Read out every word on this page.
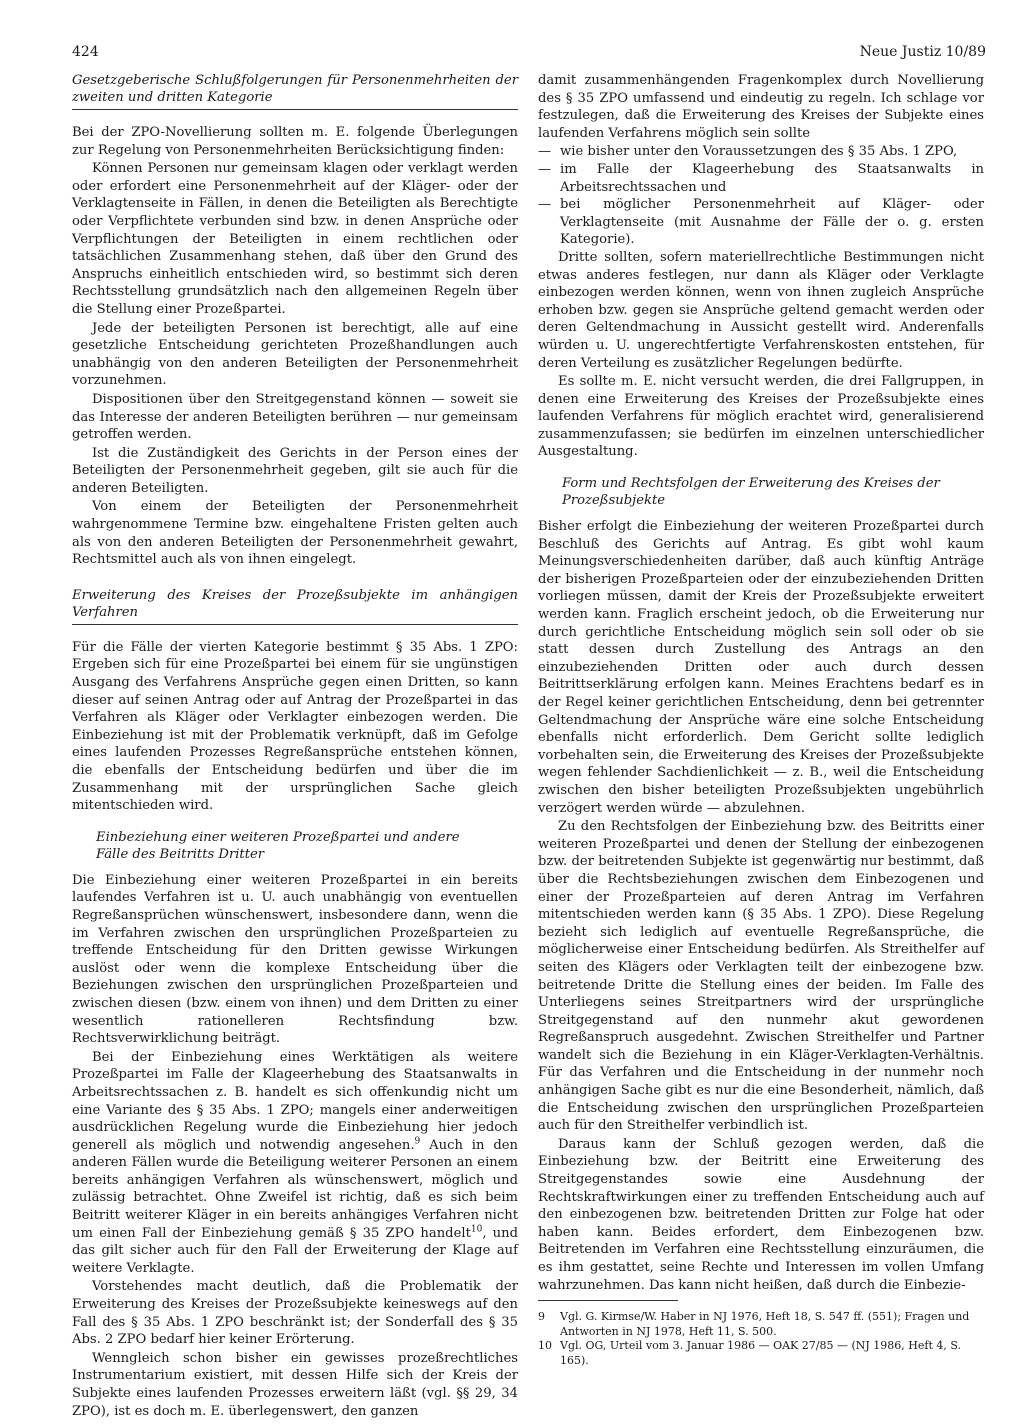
424	Neue Justiz 10/89
Gesetzgeberische Schlußfolgerungen für Personenmehrheiten der zweiten und dritten Kategorie

Bei der ZPO-Novellierung sollten m. E. folgende Überlegungen zur Regelung von Personenmehrheiten Berücksichtigung finden:

Können Personen nur gemeinsam klagen oder verklagt werden oder erfordert eine Personenmehrheit auf der Kläger- oder der Verklagtenseite in Fällen, in denen die Beteiligten als Berechtigte oder Verpflichtete verbunden sind bzw. in denen Ansprüche oder Verpflichtungen der Beteiligten in einem rechtlichen oder tatsächlichen Zusammenhang stehen, daß über den Grund des Anspruchs einheitlich entschieden wird, so bestimmt sich deren Rechtsstellung grundsätzlich nach den allgemeinen Regeln über die Stellung einer Prozeßpartei.

Jede der beteiligten Personen ist berechtigt, alle auf eine gesetzliche Entscheidung gerichteten Prozeßhandlungen auch unabhängig von den anderen Beteiligten der Personenmehrheit vorzunehmen.

Dispositionen über den Streitgegenstand können — soweit sie das Interesse der anderen Beteiligten berühren — nur gemeinsam getroffen werden.

Ist die Zuständigkeit des Gerichts in der Person eines der Beteiligten der Personenmehrheit gegeben, gilt sie auch für die anderen Beteiligten.

Von einem der Beteiligten der Personenmehrheit wahrgenommene Termine bzw. eingehaltene Fristen gelten auch als von den anderen Beteiligten der Personenmehrheit gewahrt, Rechtsmittel auch als von ihnen eingelegt.

Erweiterung des Kreises der Prozeßsubjekte im anhängigen Verfahren

Für die Fälle der vierten Kategorie bestimmt § 35 Abs. 1 ZPO: Ergeben sich für eine Prozeßpartei bei einem für sie ungünstigen Ausgang des Verfahrens Ansprüche gegen einen Dritten, so kann dieser auf seinen Antrag oder auf Antrag der Prozeßpartei in das Verfahren als Kläger oder Verklagter einbezogen werden. Die Einbeziehung ist mit der Problematik verknüpft, daß im Gefolge eines laufenden Prozesses Regreßansprüche entstehen können, die ebenfalls der Entscheidung bedürfen und über die im Zusammenhang mit der ursprünglichen Sache gleich mitentschieden wird.

Einbeziehung einer weiteren Prozeßpartei und andere Fälle des Beitritts Dritter

Die Einbeziehung einer weiteren Prozeßpartei in ein bereits laufendes Verfahren ist u. U. auch unabhängig von eventuellen Regreßansprüchen wünschenswert, insbesondere dann, wenn die im Verfahren zwischen den ursprünglichen Prozeßparteien zu treffende Entscheidung für den Dritten gewisse Wirkungen auslöst oder wenn die komplexe Entscheidung über die Beziehungen zwischen den ursprünglichen Prozeßparteien und zwischen diesen (bzw. einem von ihnen) und dem Dritten zu einer wesentlich rationelleren Rechtsfindung bzw. Rechtsverwirklichung beiträgt.

Bei der Einbeziehung eines Werktätigen als weitere Prozeßpartei im Falle der Klageerhebung des Staatsanwalts in Arbeitsrechtssachen z. B. handelt es sich offenkundig nicht um eine Variante des § 35 Abs. 1 ZPO; mangels einer anderweitigen ausdrücklichen Regelung wurde die Einbeziehung hier jedoch generell als möglich und notwendig angesehen.$^9$ Auch in den anderen Fällen wurde die Beteiligung weiterer Personen an einem bereits anhängigen Verfahren als wünschenswert, möglich und zulässig betrachtet. Ohne Zweifel ist richtig, daß es sich beim Beitritt weiterer Kläger in ein bereits anhängiges Verfahren nicht um einen Fall der Einbeziehung gemäß § 35 ZPO handelt$^{10}$, und das gilt sicher auch für den Fall der Erweiterung der Klage auf weitere Verklagte.

Vorstehendes macht deutlich, daß die Problematik der Erweiterung des Kreises der Prozeßsubjekte keineswegs auf den Fall des § 35 Abs. 1 ZPO beschränkt ist; der Sonderfall des § 35 Abs. 2 ZPO bedarf hier keiner Erörterung.

Wenngleich schon bisher ein gewisses prozeßrechtliches Instrumentarium existiert, mit dessen Hilfe sich der Kreis der Subjekte eines laufenden Prozesses erweitern läßt (vgl. §§ 29, 34 ZPO), ist es doch m. E. überlegenswert, den ganzen

damit zusammenhängenden Fragenkomplex durch Novellierung des § 35 ZPO umfassend und eindeutig zu regeln. Ich schlage vor festzulegen, daß die Erweiterung des Kreises der Subjekte eines laufenden Verfahrens möglich sein sollte

— wie bisher unter den Voraussetzungen des § 35 Abs. 1 ZPO,
— im Falle der Klageerhebung des Staatsanwalts in Arbeitsrechtssachen und
— bei möglicher Personenmehrheit auf Kläger- oder Verklagtenseite (mit Ausnahme der Fälle der o. g. ersten Kategorie).

Dritte sollten, sofern materiellrechtliche Bestimmungen nicht etwas anderes festlegen, nur dann als Kläger oder Verklagte einbezogen werden können, wenn von ihnen zugleich Ansprüche erhoben bzw. gegen sie Ansprüche geltend gemacht werden oder deren Geltendmachung in Aussicht gestellt wird. Anderenfalls würden u. U. ungerechtfertigte Verfahrenskosten entstehen, für deren Verteilung es zusätzlicher Regelungen bedürfte.

Es sollte m. E. nicht versucht werden, die drei Fallgruppen, in denen eine Erweiterung des Kreises der Prozeßsubjekte eines laufenden Verfahrens für möglich erachtet wird, generalisierend zusammenzufassen; sie bedürfen im einzelnen unterschiedlicher Ausgestaltung.

Form und Rechtsfolgen der Erweiterung des Kreises der Prozeßsubjekte

Bisher erfolgt die Einbeziehung der weiteren Prozeßpartei durch Beschluß des Gerichts auf Antrag. Es gibt wohl kaum Meinungsverschiedenheiten darüber, daß auch künftig Anträge der bisherigen Prozeßparteien oder der einzubeziehenden Dritten vorliegen müssen, damit der Kreis der Prozeßsubjekte erweitert werden kann. Fraglich erscheint jedoch, ob die Erweiterung nur durch gerichtliche Entscheidung möglich sein soll oder ob sie statt dessen durch Zustellung des Antrags an den einzubeziehenden Dritten oder auch durch dessen Beitrittserklärung erfolgen kann. Meines Erachtens bedarf es in der Regel keiner gerichtlichen Entscheidung, denn bei getrennter Geltendmachung der Ansprüche wäre eine solche Entscheidung ebenfalls nicht erforderlich. Dem Gericht sollte lediglich vorbehalten sein, die Erweiterung des Kreises der Prozeßsubjekte wegen fehlender Sachdienlichkeit — z. B., weil die Entscheidung zwischen den bisher beteiligten Prozeßsubjekten ungebührlich verzögert werden würde — abzulehnen.

Zu den Rechtsfolgen der Einbeziehung bzw. des Beitritts einer weiteren Prozeßpartei und denen der Stellung der einbezogenen bzw. der beitretenden Subjekte ist gegenwärtig nur bestimmt, daß über die Rechtsbeziehungen zwischen dem Einbezogenen und einer der Prozeßparteien auf deren Antrag im Verfahren mitentschieden werden kann (§ 35 Abs. 1 ZPO). Diese Regelung bezieht sich lediglich auf eventuelle Regreßansprüche, die möglicherweise einer Entscheidung bedürfen. Als Streithelfer auf seiten des Klägers oder Verklagten teilt der einbezogene bzw. beitretende Dritte die Stellung eines der beiden. Im Falle des Unterliegens seines Streitpartners wird der ursprüngliche Streitgegenstand auf den nunmehr akut gewordenen Regreßanspruch ausgedehnt. Zwischen Streithelfer und Partner wandelt sich die Beziehung in ein Kläger-Verklagten-Verhältnis. Für das Verfahren und die Entscheidung in der nunmehr noch anhängigen Sache gibt es nur die eine Besonderheit, nämlich, daß die Entscheidung zwischen den ursprünglichen Prozeßparteien auch für den Streithelfer verbindlich ist.

Daraus kann der Schluß gezogen werden, daß die Einbeziehung bzw. der Beitritt eine Erweiterung des Streitgegenstandes sowie eine Ausdehnung der Rechtskraftwirkungen einer zu treffenden Entscheidung auch auf den einbezogenen bzw. beitretenden Dritten zur Folge hat oder haben kann. Beides erfordert, dem Einbezogenen bzw. Beitretenden im Verfahren eine Rechtsstellung einzuräumen, die es ihm gestattet, seine Rechte und Interessen im vollen Umfang wahrzunehmen. Das kann nicht heißen, daß durch die Einbezie-

9	Vgl. G. Kirmse/W. Haber in NJ 1976, Heft 18, S. 547 ff. (551); Fragen und Antworten in NJ 1978, Heft 11, S. 500.
10 Vgl. OG, Urteil vom 3. Januar 1986 — OAK 27/85 — (NJ 1986, Heft 4, S. 165).
